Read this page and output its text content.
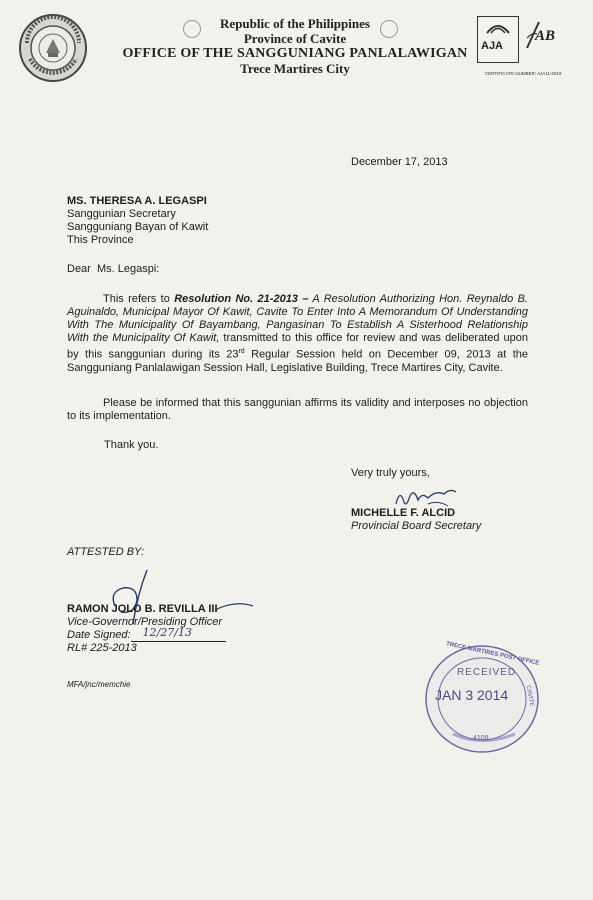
Republic of the Philippines
Province of Cavite
OFFICE OF THE SANGGUNIANG PANLALAWIGAN
Trece Martires City
AJA
AB
CERTIFICATE NUMBER: AJA11-0019
December 17, 2013
MS. THERESA A. LEGASPI
Sanggunian Secretary
Sangguniang Bayan of Kawit
This Province
Dear  Ms. Legaspi:
This refers to Resolution No. 21-2013 – A Resolution Authorizing Hon. Reynaldo B. Aguinaldo, Municipal Mayor Of Kawit, Cavite To Enter Into A Memorandum Of Understanding With The Municipality Of Bayambang, Pangasinan To Establish A Sisterhood Relationship With the Municipality Of Kawit, transmitted to this office for review and was deliberated upon by this sanggunian during its 23rd Regular Session held on December 09, 2013 at the Sangguniang Panlalawigan Session Hall, Legislative Building, Trece Martires City, Cavite.
Please be informed that this sanggunian affirms its validity and interposes no objection to its implementation.
Thank you.
Very truly yours,
MICHELLE F. ALCID
Provincial Board Secretary
ATTESTED BY:
RAMON JOLO B. REVILLA III
Vice-Governor/Presiding Officer
Date Signed: 12/27/13
RL# 225-2013
MFA/jnc/memchie
TRECE MARTIRES POST OFFICE
RECEIVED
JAN 3 2014	CAVITE
4109
